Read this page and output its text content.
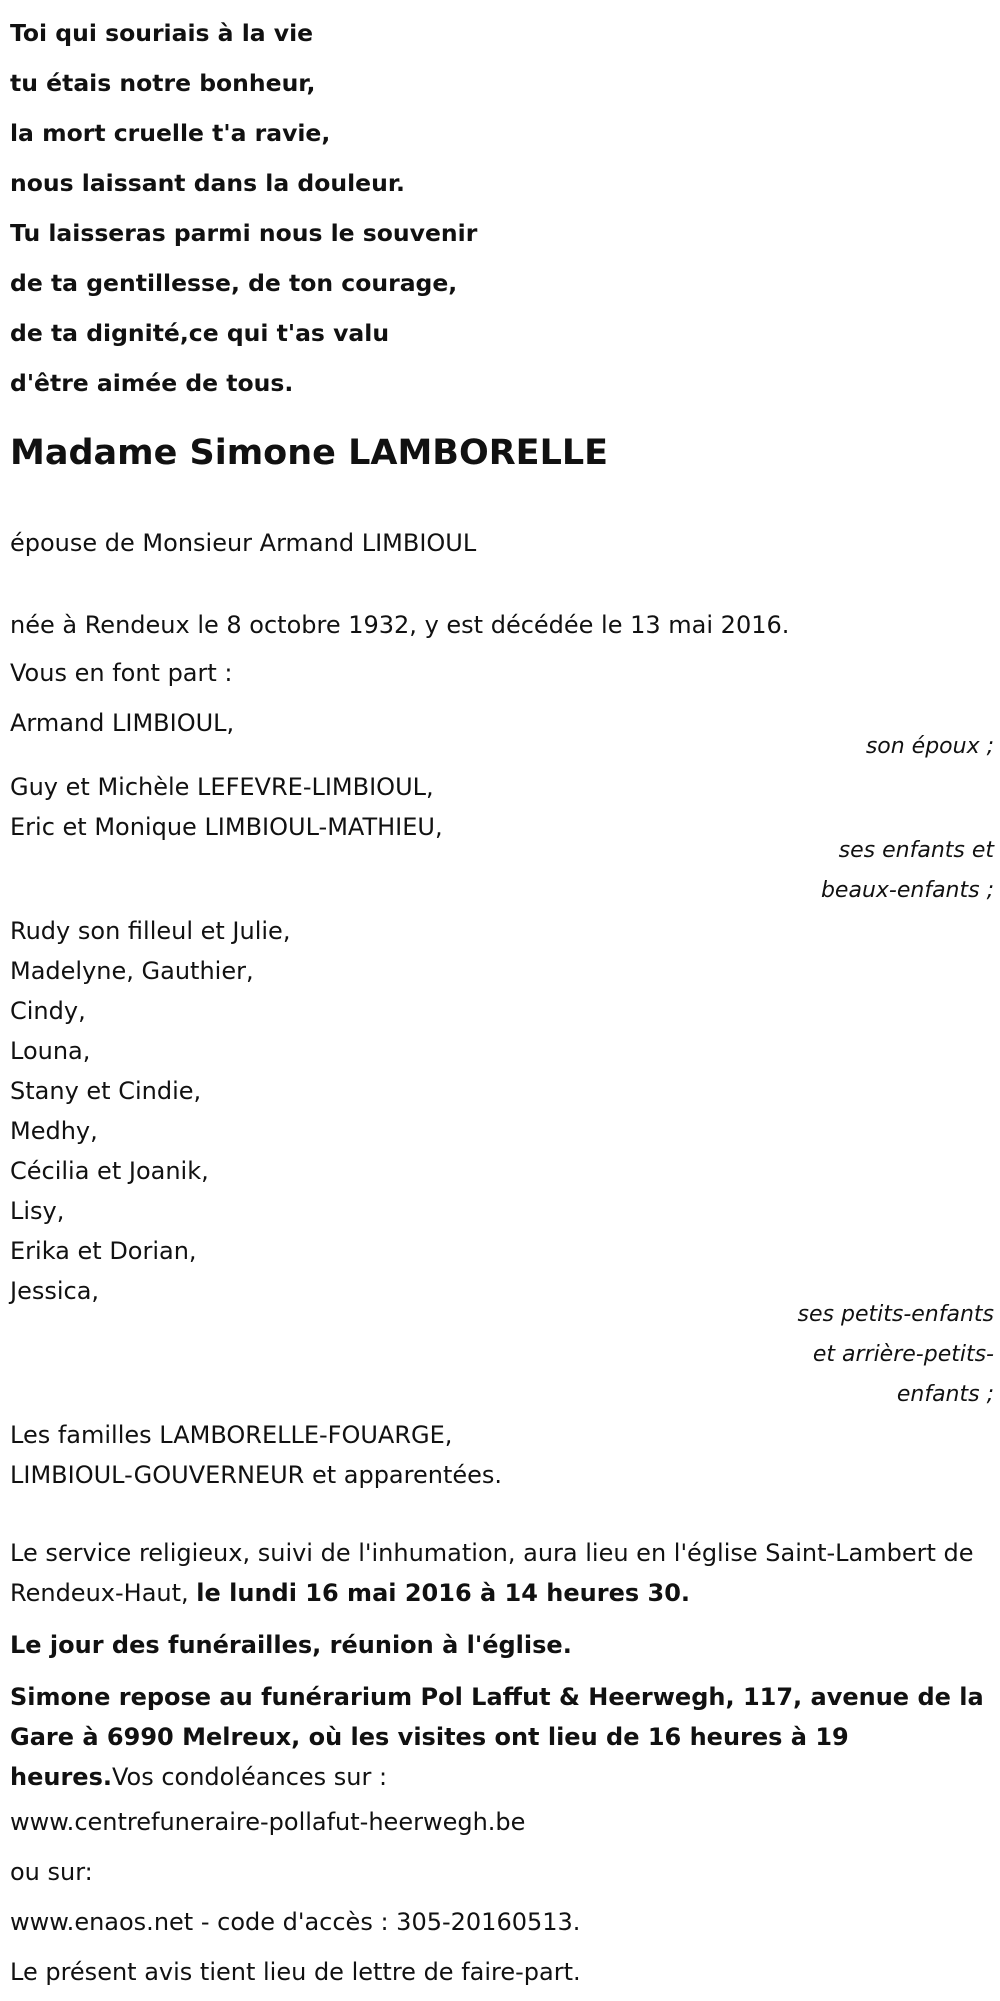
Toi qui souriais à la vie
tu étais notre bonheur,
la mort cruelle t'a ravie,
nous laissant dans la douleur.
Tu laisseras parmi nous le souvenir
de ta gentillesse, de ton courage,
de ta dignité,ce qui t'as valu
d'être aimée de tous.
Madame Simone LAMBORELLE
épouse de Monsieur Armand LIMBIOUL
née à Rendeux le 8 octobre 1932, y est décédée le 13 mai 2016.
Vous en font part :
Armand LIMBIOUL,
son époux ;
Guy et Michèle LEFEVRE-LIMBIOUL,
Eric et Monique LIMBIOUL-MATHIEU,
ses enfants et
beaux-enfants ;
Rudy son filleul et Julie,
Madelyne, Gauthier,
Cindy,
Louna,
Stany et Cindie,
Medhy,
Cécilia et Joanik,
Lisy,
Erika et Dorian,
Jessica,
ses petits-enfants
et arrière-petits-
enfants ;
Les familles LAMBORELLE-FOUARGE,
LIMBIOUL-GOUVERNEUR et apparentées.
Le service religieux, suivi de l'inhumation, aura lieu en l'église Saint-Lambert de Rendeux-Haut, le lundi 16 mai 2016 à 14 heures 30.
Le jour des funérailles, réunion à l'église.
Simone repose au funérarium Pol Laffut & Heerwegh, 117, avenue de la Gare à 6990 Melreux, où les visites ont lieu de 16 heures à 19 heures.Vos condoléances sur :
www.centrefuneraire-pollafut-heerwegh.be
ou sur:
www.enaos.net - code d'accès : 305-20160513.
Le présent avis tient lieu de lettre de faire-part.
